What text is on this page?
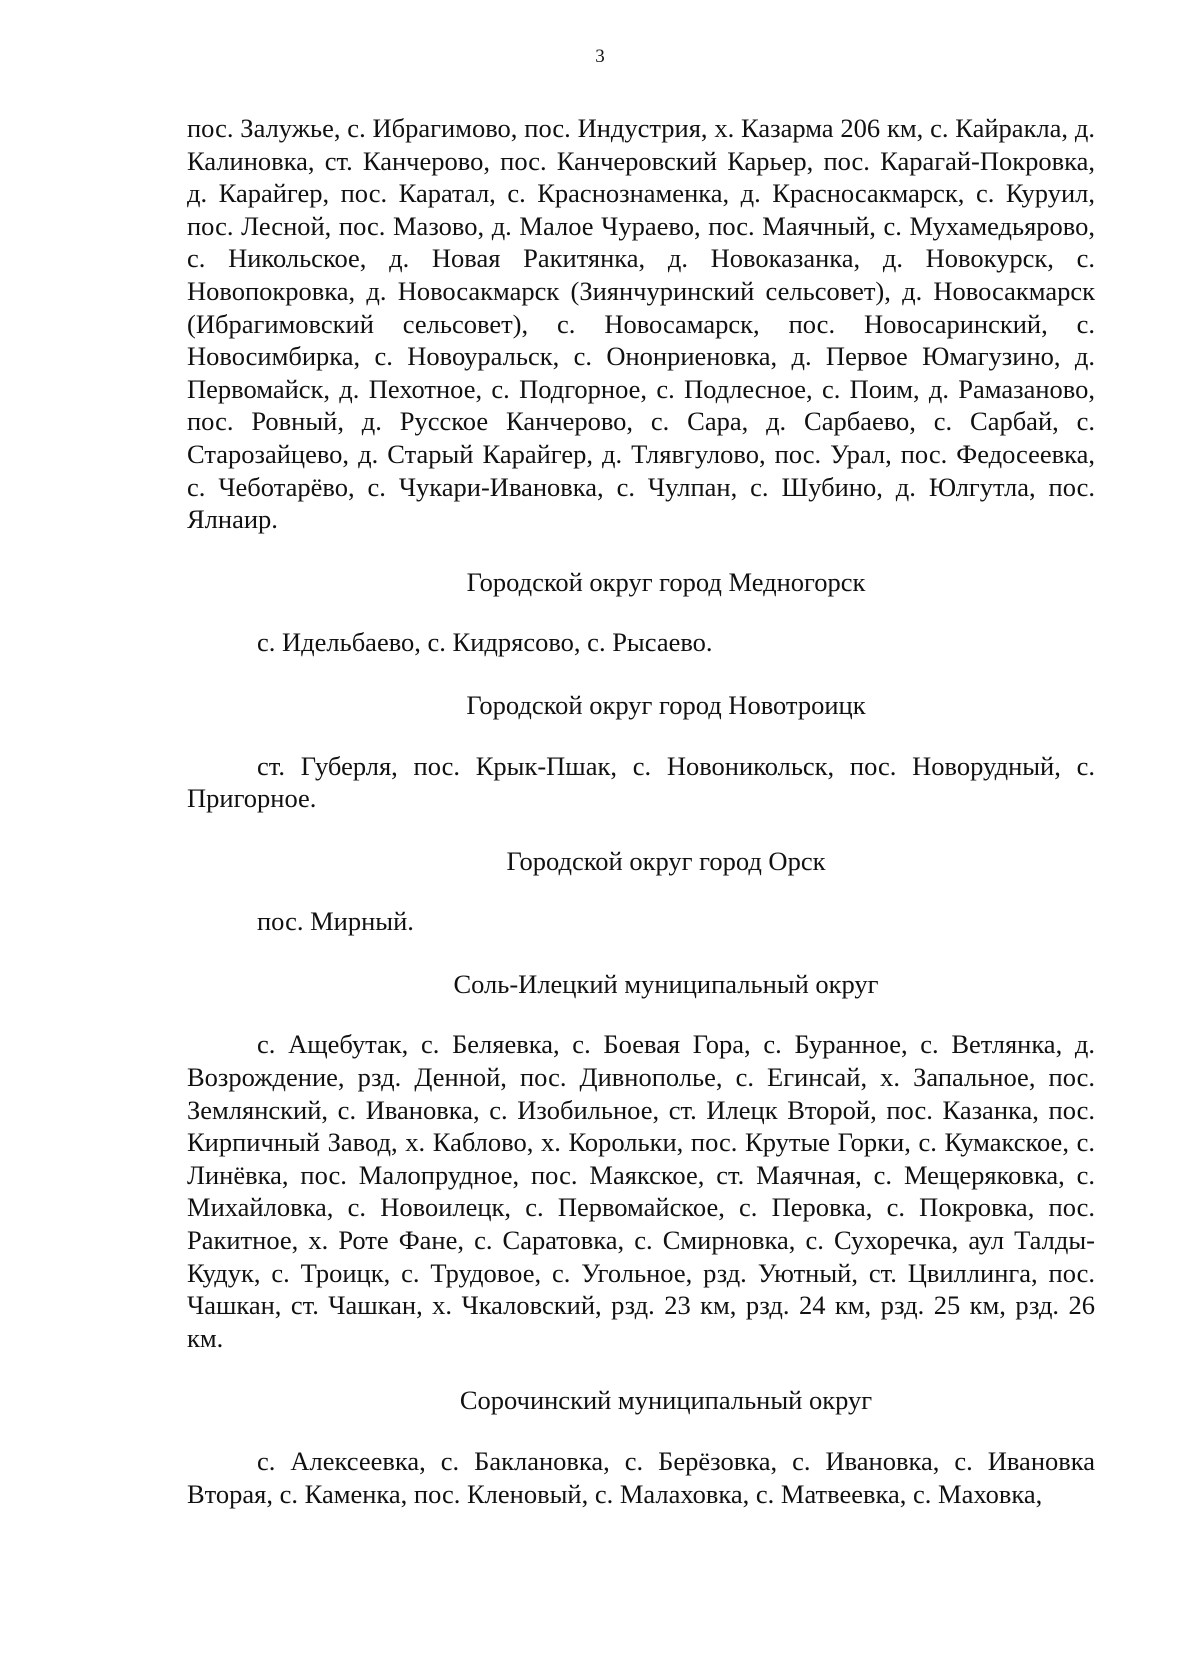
3

пос. Залужье, с. Ибрагимово, пос. Индустрия, х. Казарма 206 км, с. Кайракла, д. Калиновка, ст. Канчерово, пос. Канчеровский Карьер, пос. Карагай-Покровка, д. Карайгер, пос. Каратал, с. Краснознаменка, д. Красносакмарск, с. Куруил, пос. Лесной, пос. Мазово, д. Малое Чураево, пос. Маячный, с. Мухамедьярово, с. Никольское, д. Новая Ракитянка, д. Новоказанка, д. Новокурск, с. Новопокровка, д. Новосакмарск (Зиянчуринский сельсовет), д. Новосакмарск (Ибрагимовский сельсовет), с. Новосамарск, пос. Новосаринский, с. Новосимбирка, с. Новоуральск, с. Ононриеновка, д. Первое Юмагузино, д. Первомайск, д. Пехотное, с. Подгорное, с. Подлесное, с. Поим, д. Рамазаново, пос. Ровный, д. Русское Канчерово, с. Сара, д. Сарбаево, с. Сарбай, с. Старозайцево, д. Старый Карайгер, д. Тлявгулово, пос. Урал, пос. Федосеевка, с. Чеботарёво, с. Чукари-Ивановка, с. Чулпан, с. Шубино, д. Юлгутла, пос. Ялнаир.

Городской округ город Медногорск

с. Идельбаево, с. Кидрясово, с. Рысаево.

Городской округ город Новотроицк

ст. Губерля, пос. Крык-Пшак, с. Новоникольск, пос. Новорудный, с. Пригорное.

Городской округ город Орск

пос. Мирный.

Соль-Илецкий муниципальный округ

с. Ащебутак, с. Беляевка, с. Боевая Гора, с. Буранное, с. Ветлянка, д. Возрождение, рзд. Денной, пос. Дивнополье, с. Егинсай, х. Запальное, пос. Землянский, с. Ивановка, с. Изобильное, ст. Илецк Второй, пос. Казанка, пос. Кирпичный Завод, х. Каблово, х. Корольки, пос. Крутые Горки, с. Кумакское, с. Линёвка, пос. Малопрудное, пос. Маякское, ст. Маячная, с. Мещеряковка, с. Михайловка, с. Новоилецк, с. Первомайское, с. Перовка, с. Покровка, пос. Ракитное, х. Роте Фане, с. Саратовка, с. Смирновка, с. Сухоречка, аул Талды-Кудук, с. Троицк, с. Трудовое, с. Угольное, рзд. Уютный, ст. Цвиллинга, пос. Чашкан, ст. Чашкан, х. Чкаловский, рзд. 23 км, рзд. 24 км, рзд. 25 км, рзд. 26 км.

Сорочинский муниципальный округ

с. Алексеевка, с. Баклановка, с. Берёзовка, с. Ивановка, с. Ивановка Вторая, с. Каменка, пос. Кленовый, с. Малаховка, с. Матвеевка, с. Маховка,
